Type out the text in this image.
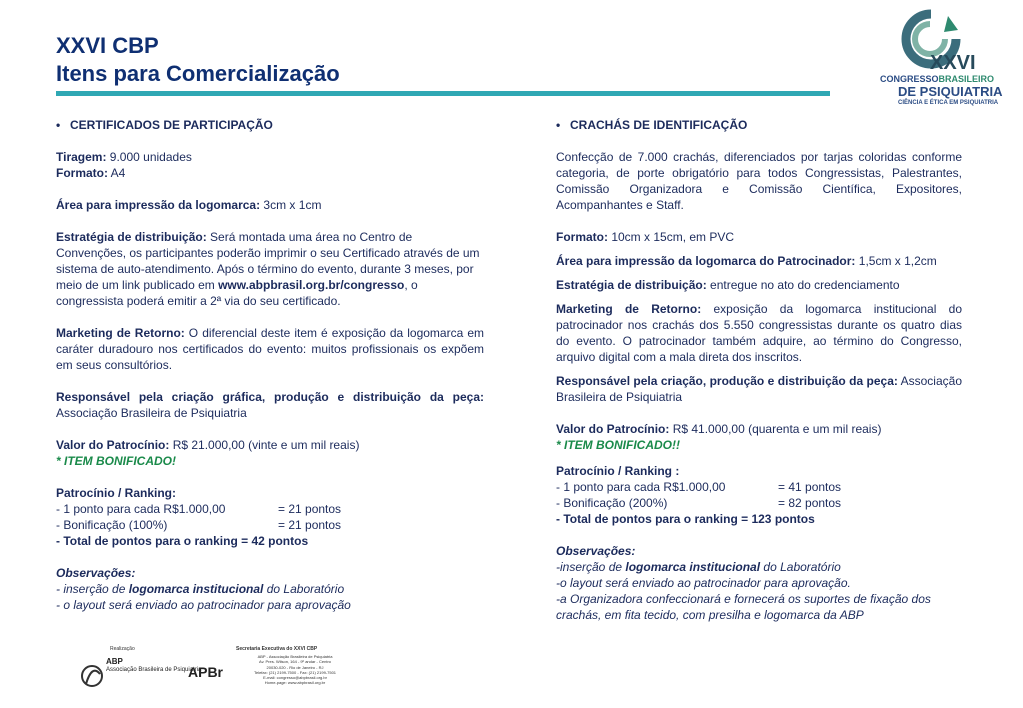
XXVI CBP
Itens para Comercialização	XXVI
CONGRESSOBRASILEIRO
DE PSIQUIATRIA
CIÊNCIA E ÉTICA EM PSIQUIATRIA

• CERTIFICADOS DE PARTICIPAÇÃO

Tiragem: 9.000 unidades

Formato: A4

Área para impressão da logomarca: 3cm x 1cm

Estratégia de distribuição: Será montada uma área no Centro de Convenções, os participantes poderão imprimir o seu Certificado através de um sistema de auto-atendimento. Após o término do evento, durante 3 meses, por meio de um link publicado em www.abpbrasil.org.br/congresso, o congressista poderá emitir a 2ª via do seu certificado.

Marketing de Retorno: O diferencial deste item é exposição da logomarca em caráter duradouro nos certificados do evento: muitos profissionais os expõem em seus consultórios.

Responsável pela criação gráfica, produção e distribuição da peça: Associação Brasileira de Psiquiatria

Valor do Patrocínio: R$ 21.000,00 (vinte e um mil reais)

* ITEM BONIFICADO!

Patrocínio / Ranking:

- 1 ponto para cada R$1.000,00	= 21 pontos
- Bonificação (100%)	= 21 pontos

- Total de pontos para o ranking = 42 pontos

Observações:

- inserção de logomarca institucional do Laboratório

- o layout será enviado ao patrocinador para aprovação

• CRACHÁS DE IDENTIFICAÇÃO

Confecção de 7.000 crachás, diferenciados por tarjas coloridas conforme categoria, de porte obrigatório para todos Congressistas, Palestrantes, Comissão Organizadora e Comissão Científica, Expositores, Acompanhantes e Staff.

Formato: 10cm x 15cm, em PVC

Área para impressão da logomarca do Patrocinador: 1,5cm x 1,2cm

Estratégia de distribuição: entregue no ato do credenciamento

Marketing de Retorno: exposição da logomarca institucional do patrocinador nos crachás dos 5.550 congressistas durante os quatro dias do evento. O patrocinador também adquire, ao término do Congresso, arquivo digital com a mala direta dos inscritos.

Responsável pela criação, produção e distribuição da peça: Associação Brasileira de Psiquiatria

Valor do Patrocínio: R$ 41.000,00 (quarenta e um mil reais)

* ITEM BONIFICADO!!

Patrocínio / Ranking :

- 1 ponto para cada R$1.000,00	= 41 pontos
- Bonificação (200%)	= 82 pontos

- Total de pontos para o ranking = 123 pontos

Observações:

-inserção de logomarca institucional do Laboratório

-o layout será enviado ao patrocinador para aprovação.

-a Organizadora confeccionará e fornecerá os suportes de fixação dos crachás, em fita tecido, com presilha e logomarca da ABP

Realização
ABP
Associação Brasileira de Psiquiatria
APBr
Secretaria Executiva do XXVI CBP
ABP - Associação Brasileira de Psiquiatria
Av. Pres. Wilson, 164 - 9º andar - Centro
20030-020 - Rio de Janeiro - RJ
Telefax: (21) 2199-7500 - Fax: (21) 2199-7501
E-mail: congresso@abpbrasil.org.br
Home-page: www.abpbrasil.org.br
